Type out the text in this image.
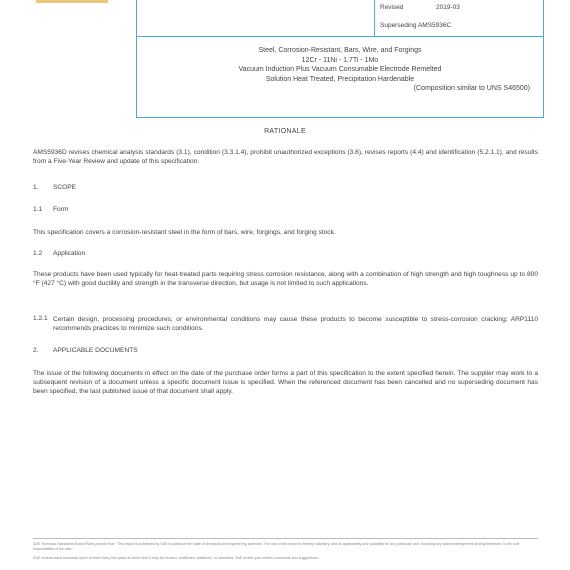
Revised	2019-03
Superseding AMS5936C
Steel, Corrosion-Resistant, Bars, Wire, and Forgings
12Cr - 11Ni - 1.7Ti - 1Mo
Vacuum Induction Plus Vacuum Consumable Electrode Remelted
Solution Heat Treated, Precipitation Hardenable
(Composition similar to UNS S46500)
RATIONALE
AMS5936D revises chemical analysis standards (3.1), condition (3.3.1.4), prohibit unauthorized exceptions (3.6), revises reports (4.4) and identification (5.2.1.1), and results from a Five-Year Review and update of this specification.
1. SCOPE
1.1 Form
This specification covers a corrosion-resistant steel in the form of bars, wire, forgings, and forging stock.
1.2 Application
These products have been used typically for heat-treated parts requiring stress corrosion resistance, along with a combination of high strength and high toughness up to 800 °F (427 °C) with good ductility and strength in the transverse direction, but usage is not limited to such applications.
1.2.1 Certain design, processing procedures, or environmental conditions may cause these products to become susceptible to stress-corrosion cracking; ARP1110 recommends practices to minimize such conditions.
2. APPLICABLE DOCUMENTS
The issue of the following documents in effect on the date of the purchase order forms a part of this specification to the extent specified herein. The supplier may work to a subsequent revision of a document unless a specific document issue is specified. When the referenced document has been cancelled and no superseding document has been specified, the last published issue of that document shall apply.
SAE Technical Standards Board Rules provide that: "This report is published by SAE to advance the state of technical and engineering sciences. The use of this report is entirely voluntary, and its applicability and suitability for any particular use, including any patent infringement arising therefrom, is the sole responsibility of the user."
SAE reviews each technical report at least every five years at which time it may be revised, reaffirmed, stabilized, or cancelled. SAE invites your written comments and suggestions.
